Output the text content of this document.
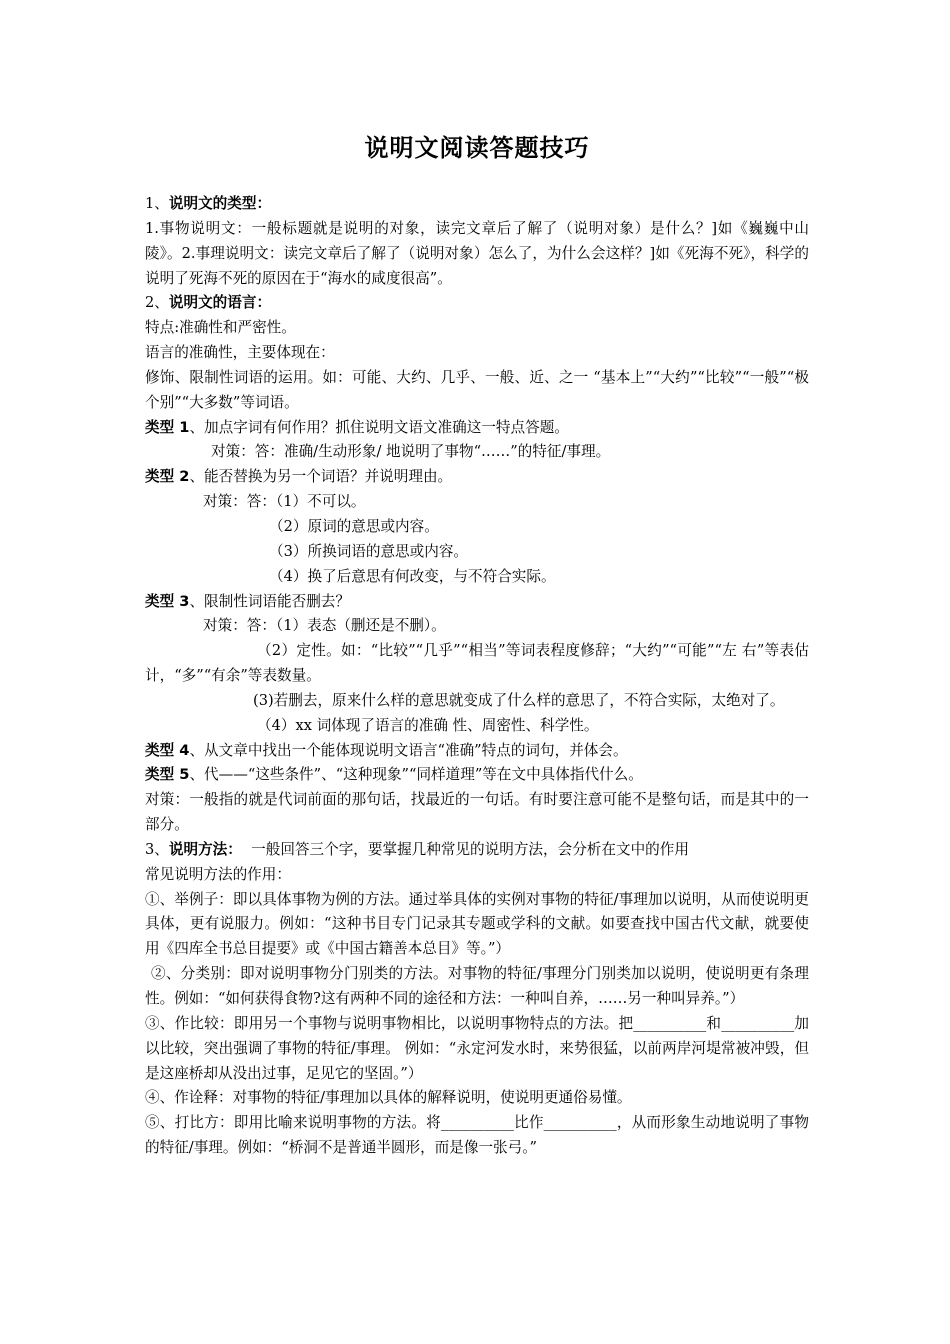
说明文阅读答题技巧
1、说明文的类型：
1.事物说明文：一般标题就是说明的对象，读完文章后了解了（说明对象）是什么？]如《巍巍中山陵》。2.事理说明文：读完文章后了解了（说明对象）怎么了，为什么会这样？]如《死海不死》，科学的说明了死海不死的原因在于“海水的咸度很高”。
2、说明文的语言：
特点:准确性和严密性。
语言的准确性，主要体现在：
修饰、限制性词语的运用。如：可能、大约、几乎、一般、近、之一 “基本上”“大约”“比较”“一般”“极个别”“大多数”等词语。
类型 1、加点字词有何作用？抓住说明文语文准确这一特点答题。
对策：答：准确/生动形象/ 地说明了事物“……”的特征/事理。
类型 2、能否替换为另一个词语？并说明理由。
对策：答：（1）不可以。
（2）原词的意思或内容。
（3）所换词语的意思或内容。
（4）换了后意思有何改变，与不符合实际。
类型 3、限制性词语能否删去？
对策：答：（1）表态（删还是不删）。
（2）定性。如：“比较”“几乎”“相当”等词表程度修辞；“大约”“可能”“左 右”等表估计，“多”“有余”等表数量。
(3)若删去，原来什么样的意思就变成了什么样的意思了，不符合实际，太绝对了。
（4）xx 词体现了语言的准确 性、周密性、科学性。
类型 4、从文章中找出一个能体现说明文语言“准确”特点的词句，并体会。
类型 5、代——“这些条件”、“这种现象”“同样道理”等在文中具体指代什么。
对策：一般指的就是代词前面的那句话，找最近的一句话。有时要注意可能不是整句话，而是其中的一部分。
3、说明方法：  一般回答三个字，要掌握几种常见的说明方法，会分析在文中的作用
常见说明方法的作用：
①、举例子：即以具体事物为例的方法。通过举具体的实例对事物的特征/事理加以说明，从而使说明更具体，更有说服力。例如：“这种书目专门记录其专题或学科的文献。如要查找中国古代文献，就要使用《四库全书总目提要》或《中国古籍善本总目》等。”）
②、分类别：即对说明事物分门别类的方法。对事物的特征/事理分门别类加以说明，使说明更有条理性。例如：“如何获得食物?这有两种不同的途径和方法：一种叫自养，……另一种叫异养。”）
③、作比较：即用另一个事物与说明事物相比，以说明事物特点的方法。把__________和__________加以比较，突出强调了事物的特征/事理。 例如：“永定河发水时，来势很猛，以前两岸河堤常被冲毁，但是这座桥却从没出过事，足见它的坚固。”）
④、作诠释：对事物的特征/事理加以具体的解释说明，使说明更通俗易懂。
⑤、打比方：即用比喻来说明事物的方法。将__________比作__________，从而形象生动地说明了事物的特征/事理。例如：“桥洞不是普通半圆形，而是像一张弓。”
